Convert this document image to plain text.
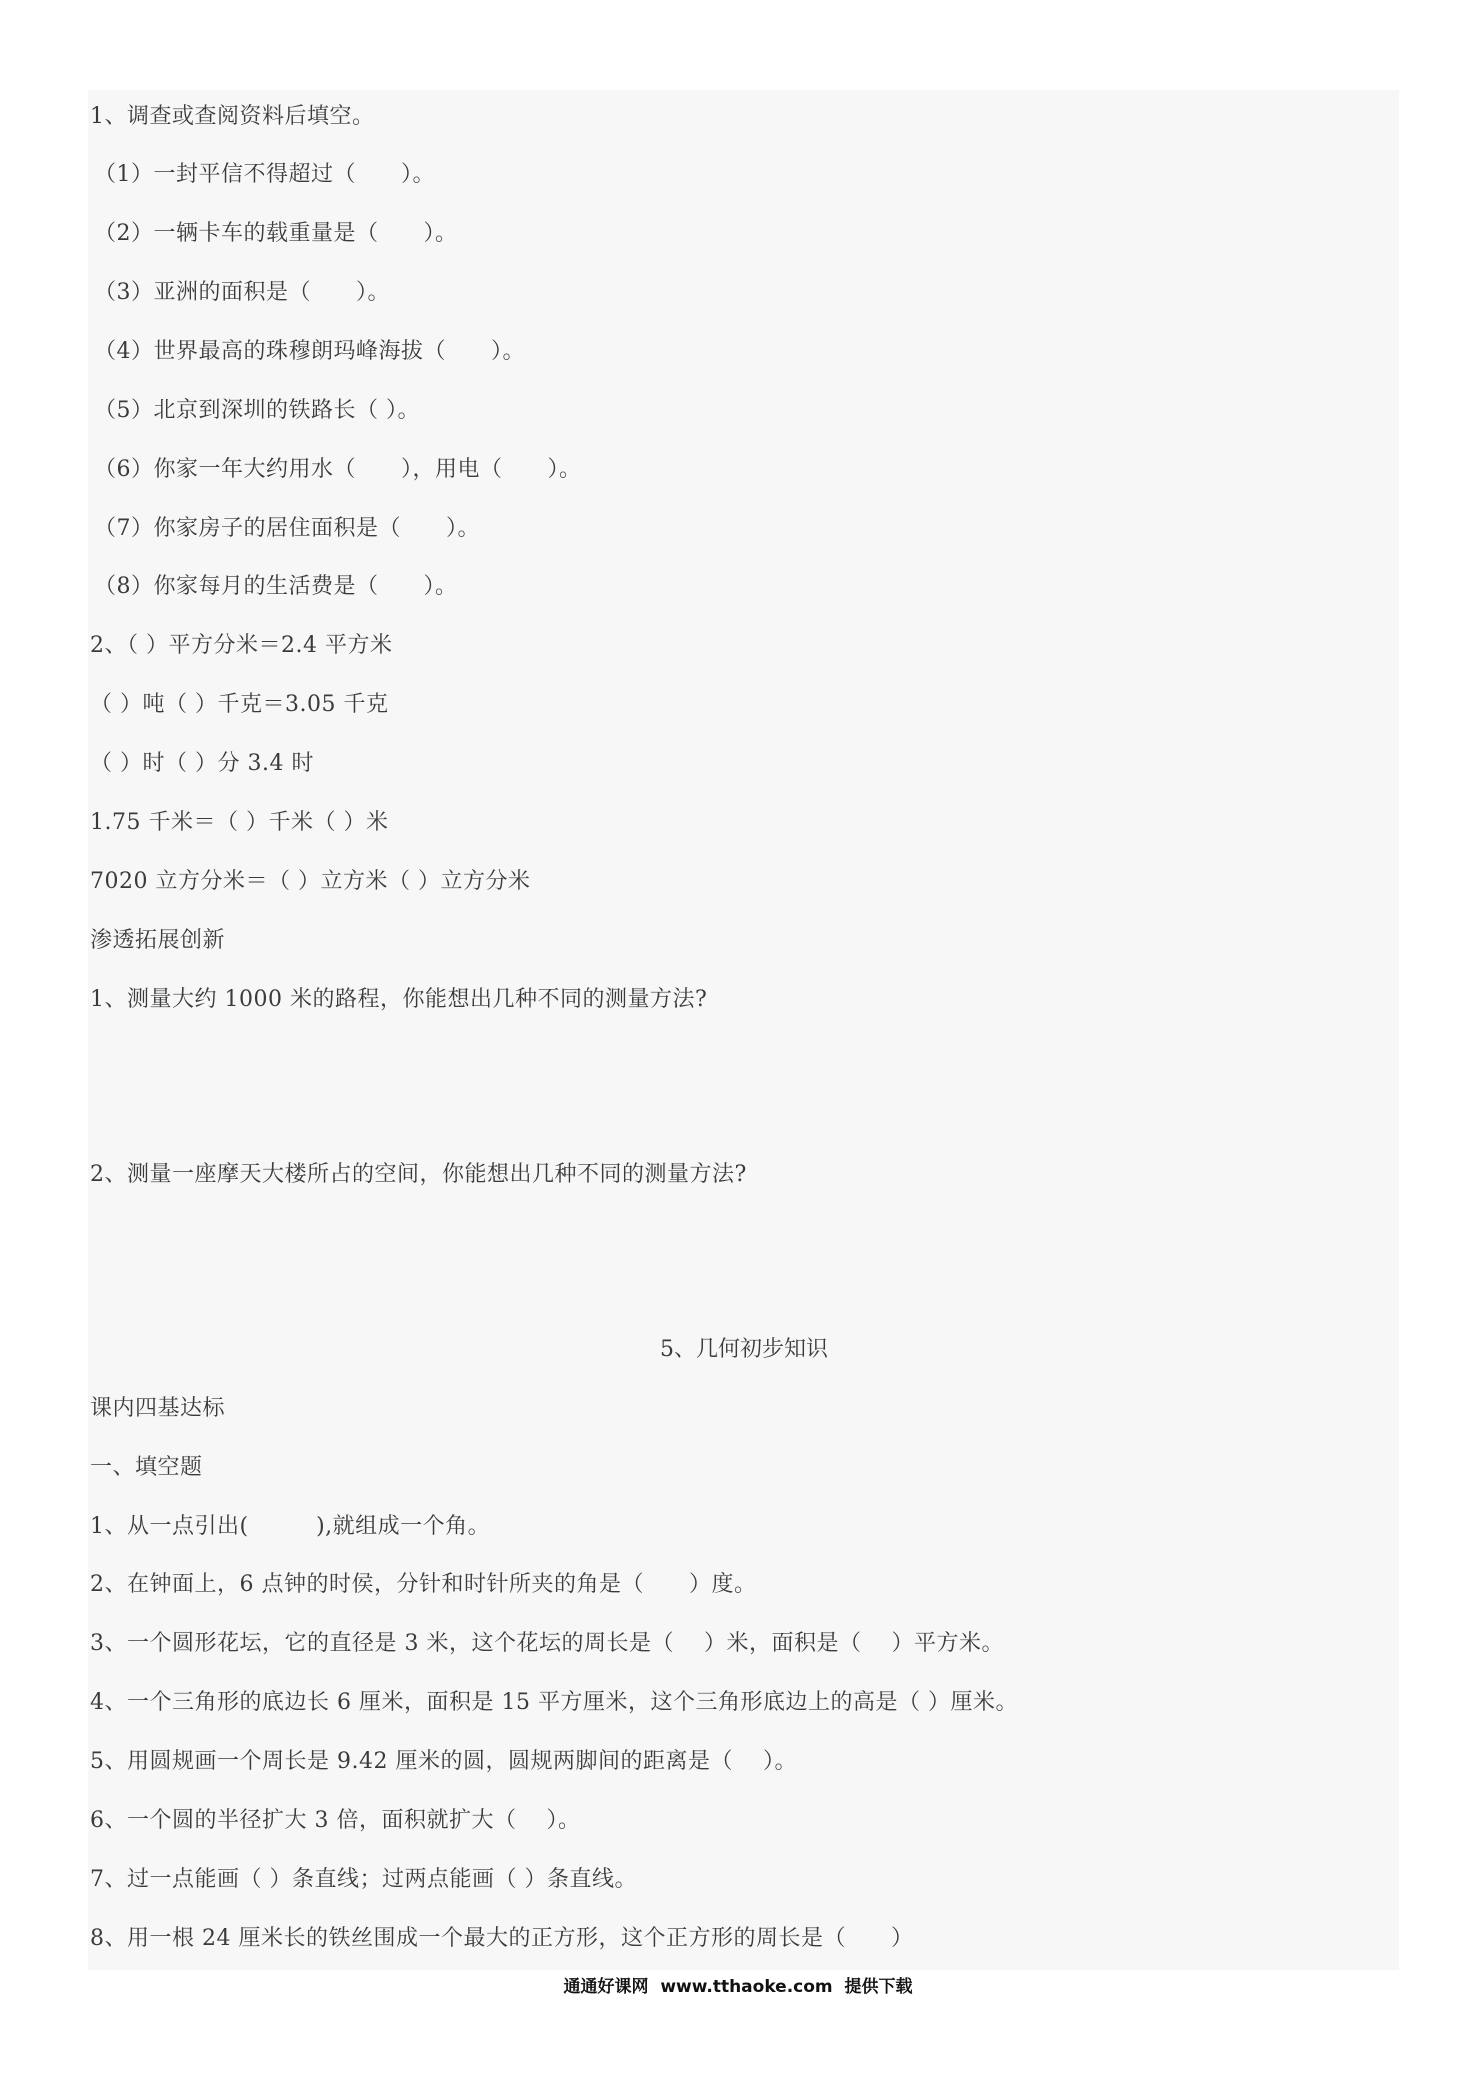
1、调查或查阅资料后填空。
（1）一封平信不得超过（　　）。
（2）一辆卡车的载重量是（　　）。
（3）亚洲的面积是（　　）。
（4）世界最高的珠穆朗玛峰海拔（　　）。
（5）北京到深圳的铁路长（ ）。
（6）你家一年大约用水（　　），用电（　　）。
（7）你家房子的居住面积是（　　）。
（8）你家每月的生活费是（　　）。
2、（ ）平方分米＝2.4 平方米
（ ）吨（ ）千克＝3.05 千克
（ ）时（ ）分 3.4 时
1.75 千米＝（ ）千米（ ）米
7020 立方分米＝（ ）立方米（ ）立方分米
渗透拓展创新
1、测量大约 1000 米的路程，你能想出几种不同的测量方法?
2、测量一座摩天大楼所占的空间，你能想出几种不同的测量方法?
5、几何初步知识
课内四基达标
一、填空题
1、从一点引出(　　　),就组成一个角。
2、在钟面上，6 点钟的时侯，分针和时针所夹的角是（　　）度。
3、一个圆形花坛，它的直径是 3 米，这个花坛的周长是（　 ）米，面积是（　 ）平方米。
4、一个三角形的底边长 6 厘米，面积是 15 平方厘米，这个三角形底边上的高是（ ）厘米。
5、用圆规画一个周长是 9.42 厘米的圆，圆规两脚间的距离是（　 ）。
6、一个圆的半径扩大 3 倍，面积就扩大（　 ）。
7、过一点能画（ ）条直线；过两点能画（ ）条直线。
8、用一根 24 厘米长的铁丝围成一个最大的正方形，这个正方形的周长是（　　）
通通好课网  www.tthaoke.com  提供下载
